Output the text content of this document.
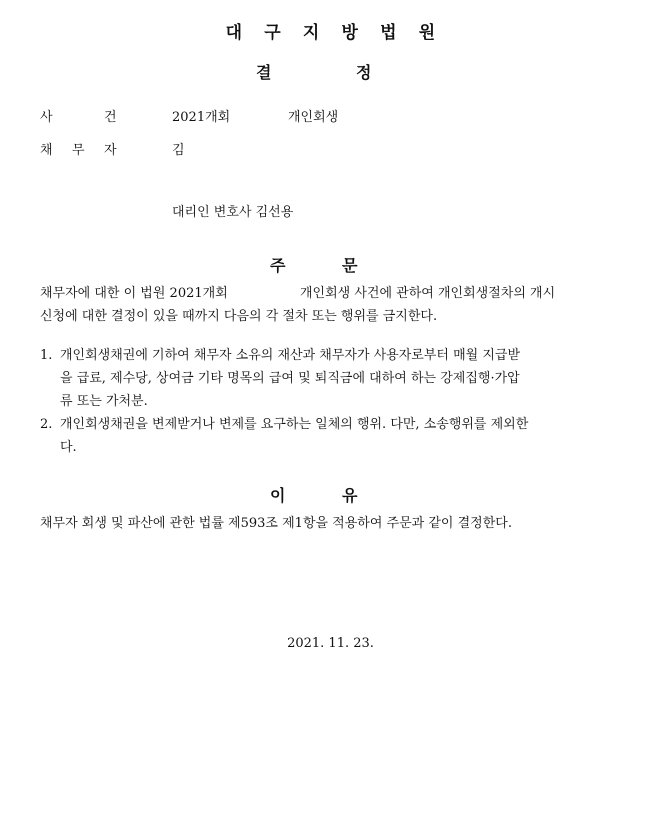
대 구 지 방 법 원
결	정
사	건	2021개회	개인회생
채 무 자	김
대리인 변호사 김선용
주	문
채무자에 대한 이 법원 2021개회	개인회생 사건에 관하여 개인회생절차의 개시
신청에 대한 결정이 있을 때까지 다음의 각 절차 또는 행위를 금지한다.
1. 개인회생채권에 기하여 채무자 소유의 재산과 채무자가 사용자로부터 매월 지급받
을 급료, 제수당, 상여금 기타 명목의 급여 및 퇴직금에 대하여 하는 강제집행·가압
류 또는 가처분.
2. 개인회생채권을 변제받거나 변제를 요구하는 일체의 행위. 다만, 소송행위를 제외한
다.
이	유
채무자 회생 및 파산에 관한 법률 제593조 제1항을 적용하여 주문과 같이 결정한다.
2021. 11. 23.
